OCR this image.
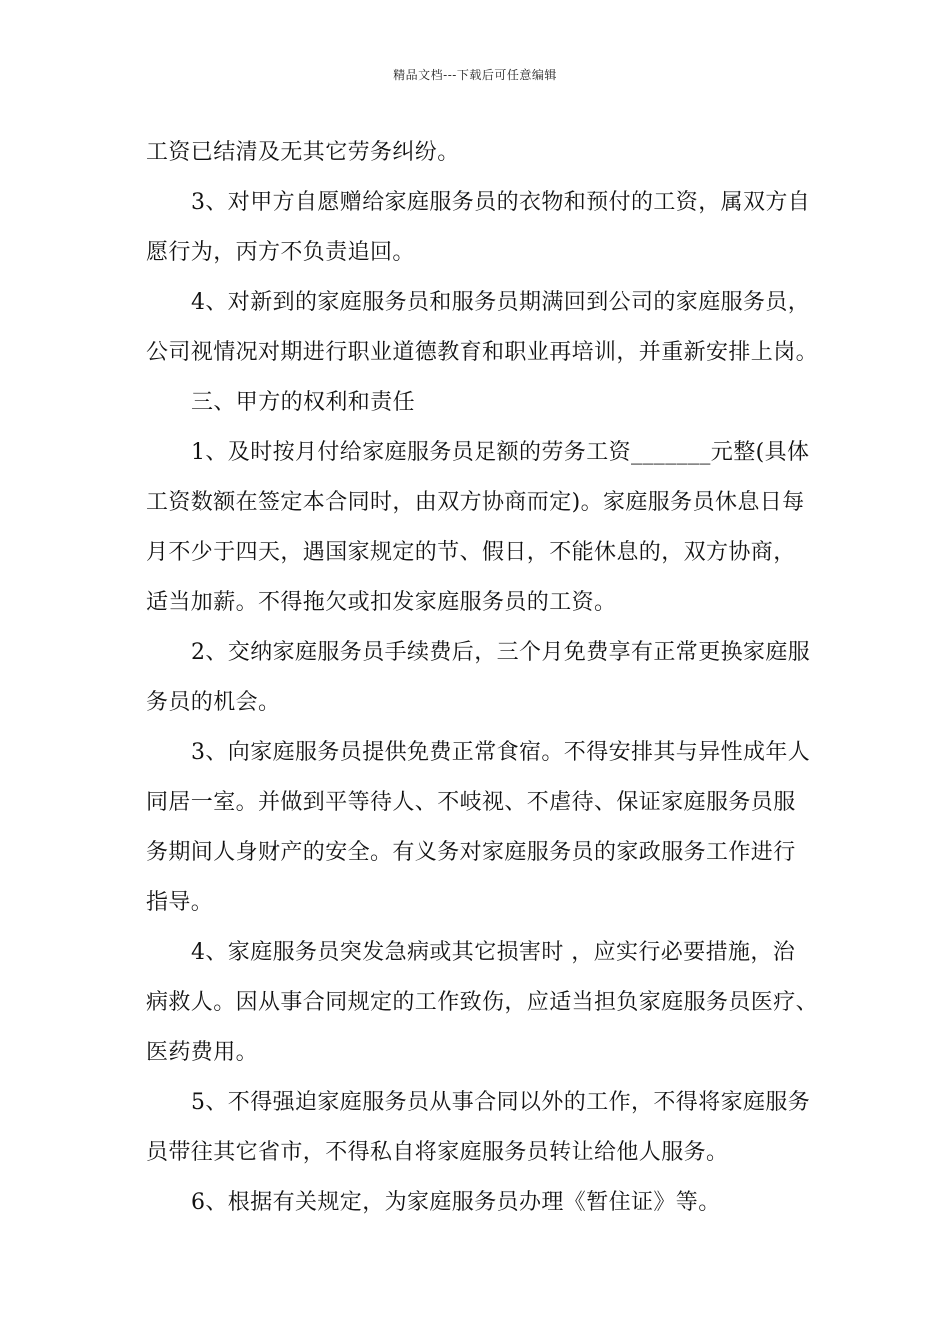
精品文档---下载后可任意编辑
工资已结清及无其它劳务纠纷。
3、对甲方自愿赠给家庭服务员的衣物和预付的工资，属双方自
愿行为，丙方不负责追回。
4、对新到的家庭服务员和服务员期满回到公司的家庭服务员，
公司视情况对期进行职业道德教育和职业再培训，并重新安排上岗。
三、甲方的权利和责任
1、及时按月付给家庭服务员足额的劳务工资_______元整(具体
工资数额在签定本合同时，由双方协商而定)。家庭服务员休息日每
月不少于四天，遇国家规定的节、假日，不能休息的，双方协商，
适当加薪。不得拖欠或扣发家庭服务员的工资。
2、交纳家庭服务员手续费后，三个月免费享有正常更换家庭服
务员的机会。
3、向家庭服务员提供免费正常食宿。不得安排其与异性成年人
同居一室。并做到平等待人、不岐视、不虐待、保证家庭服务员服
务期间人身财产的安全。有义务对家庭服务员的家政服务工作进行
指导。
4、家庭服务员突发急病或其它损害时 ，应实行必要措施，治
病救人。因从事合同规定的工作致伤，应适当担负家庭服务员医疗、
医药费用。
5、不得强迫家庭服务员从事合同以外的工作，不得将家庭服务
员带往其它省市，不得私自将家庭服务员转让给他人服务。
6、根据有关规定，为家庭服务员办理《暂住证》等。
